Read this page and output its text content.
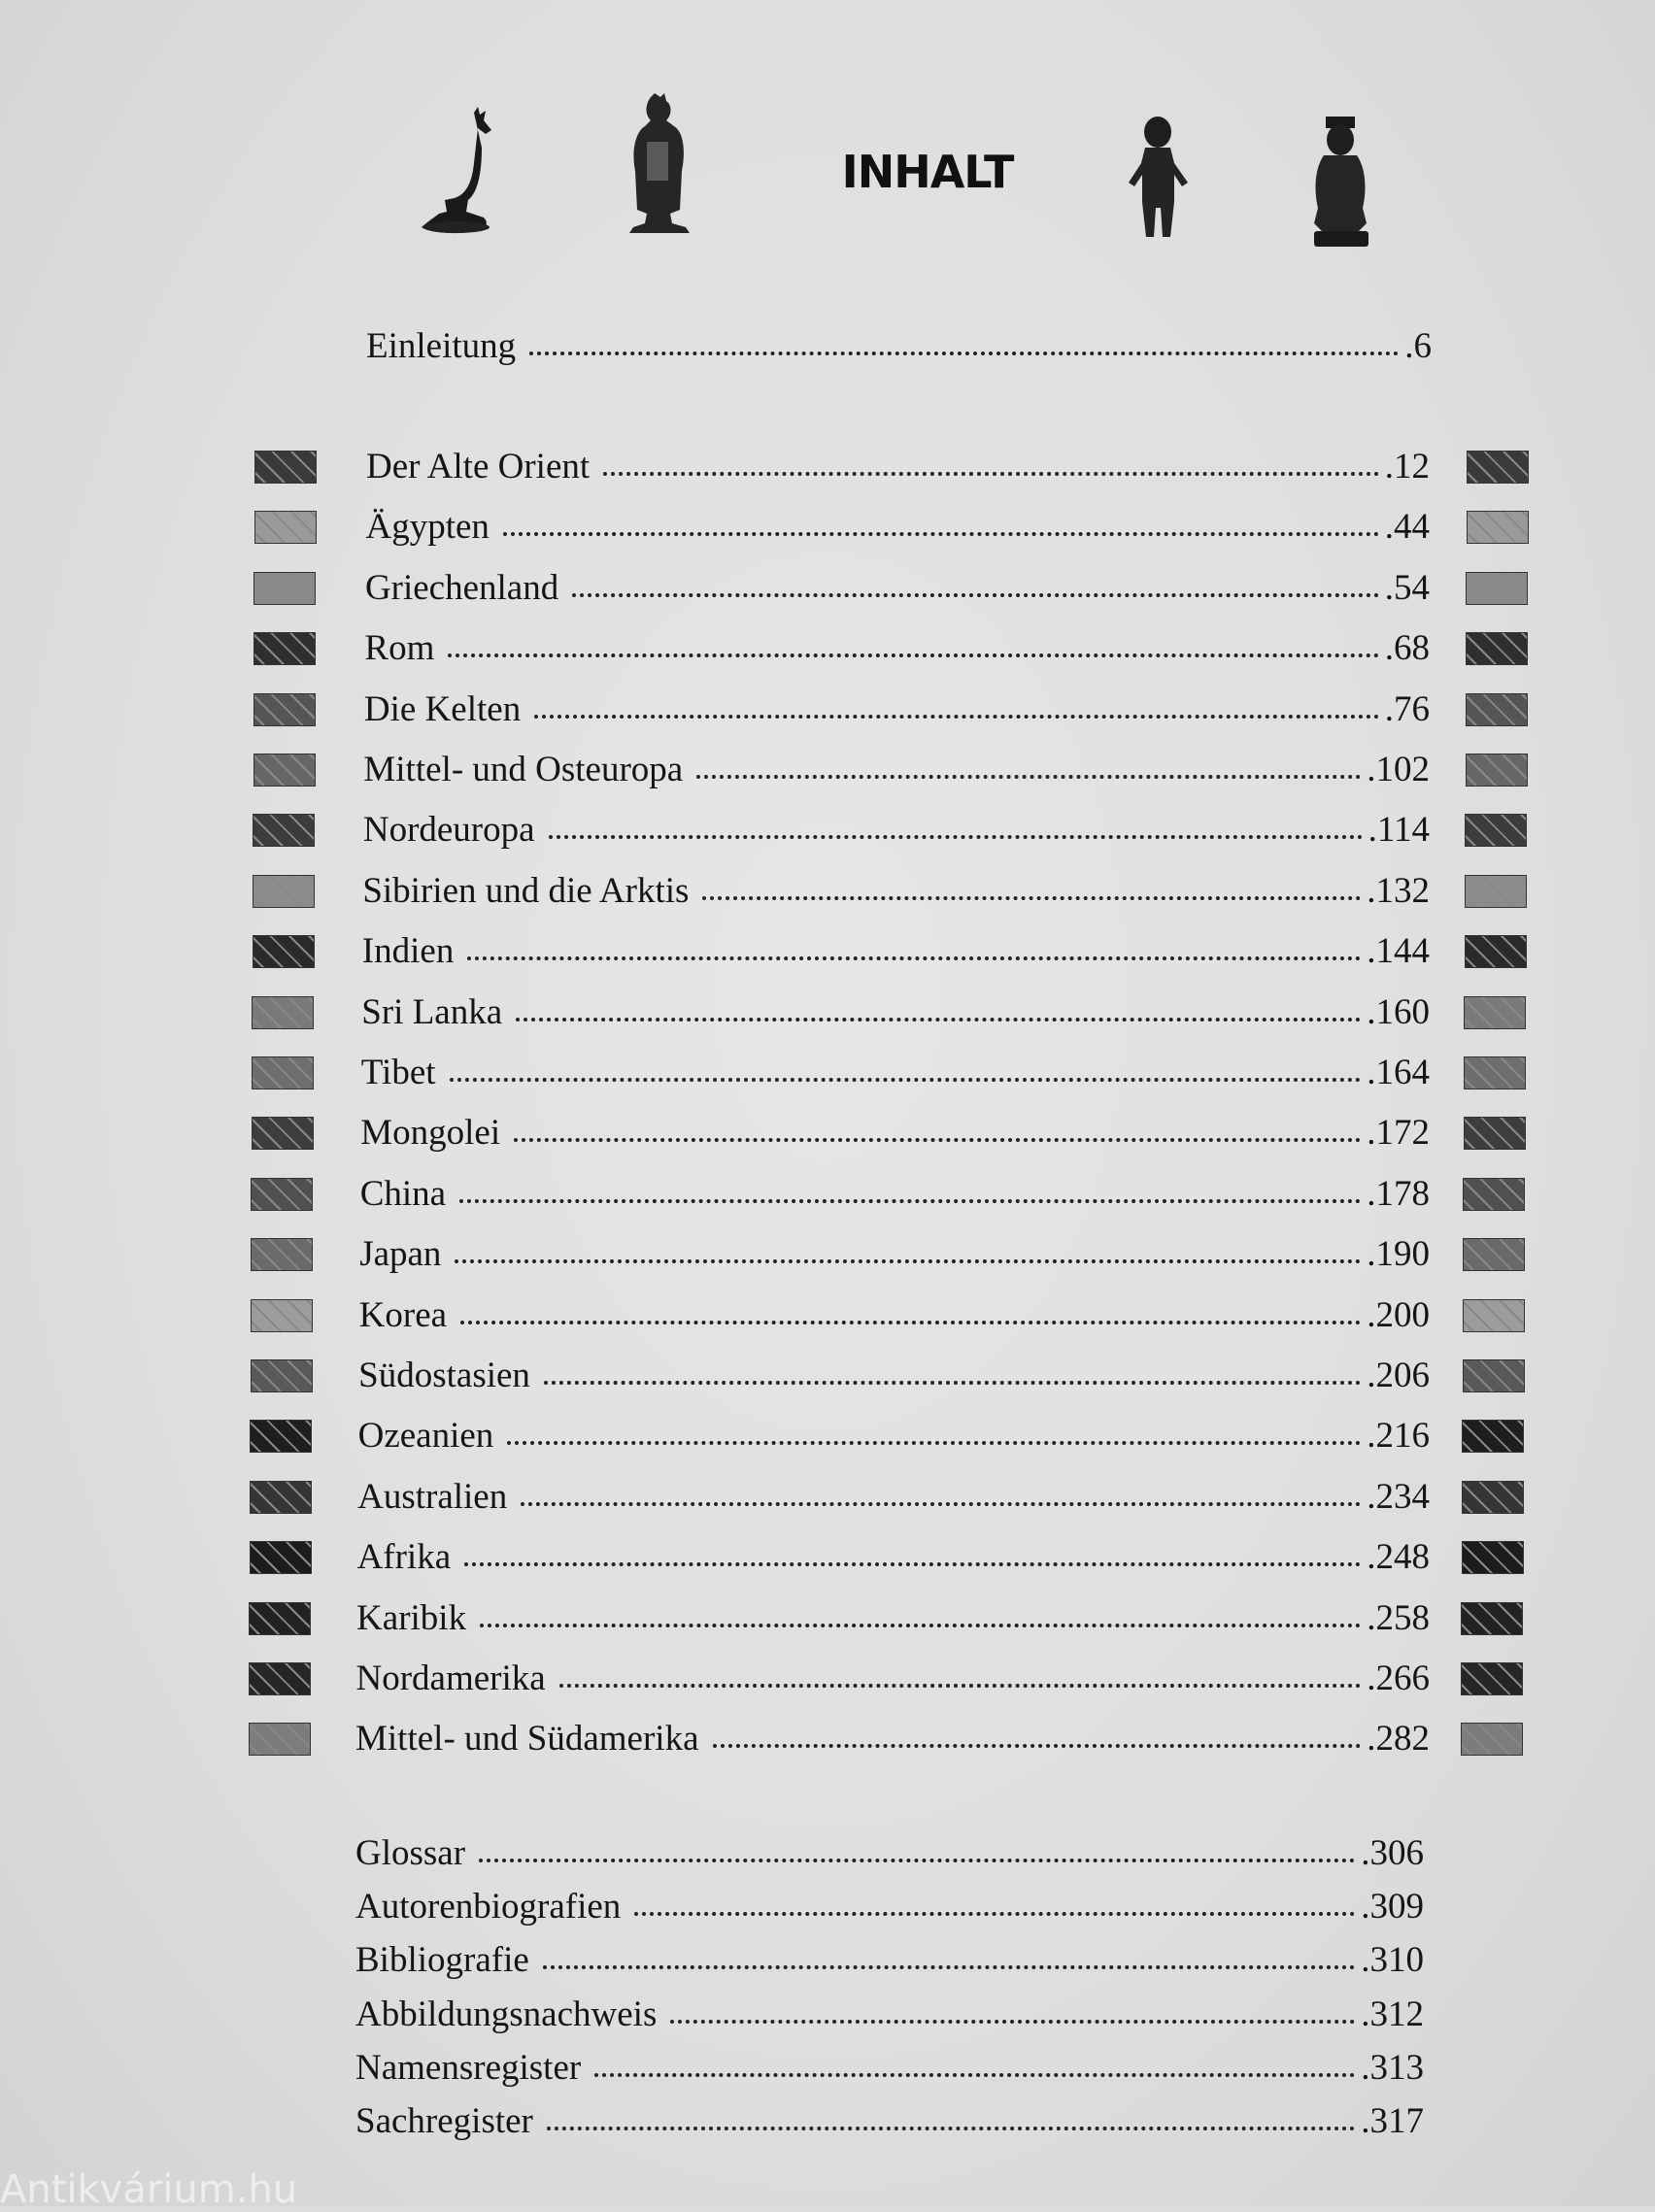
INHALT
Einleitung	.6
Der Alte Orient	.12
Ägypten	.44
Griechenland	.54
Rom	.68
Die Kelten	.76
Mittel- und Osteuropa	.102
Nordeuropa	.114
Sibirien und die Arktis	.132
Indien	.144
Sri Lanka	.160
Tibet	.164
Mongolei	.172
China	.178
Japan	.190
Korea	.200
Südostasien	.206
Ozeanien	.216
Australien	.234
Afrika	.248
Karibik	.258
Nordamerika	.266
Mittel- und Südamerika	.282
Glossar	.306
Autorenbiografien	.309
Bibliografie	.310
Abbildungsnachweis	.312
Namensregister	.313
Sachregister	.317
Antikvárium.hu
